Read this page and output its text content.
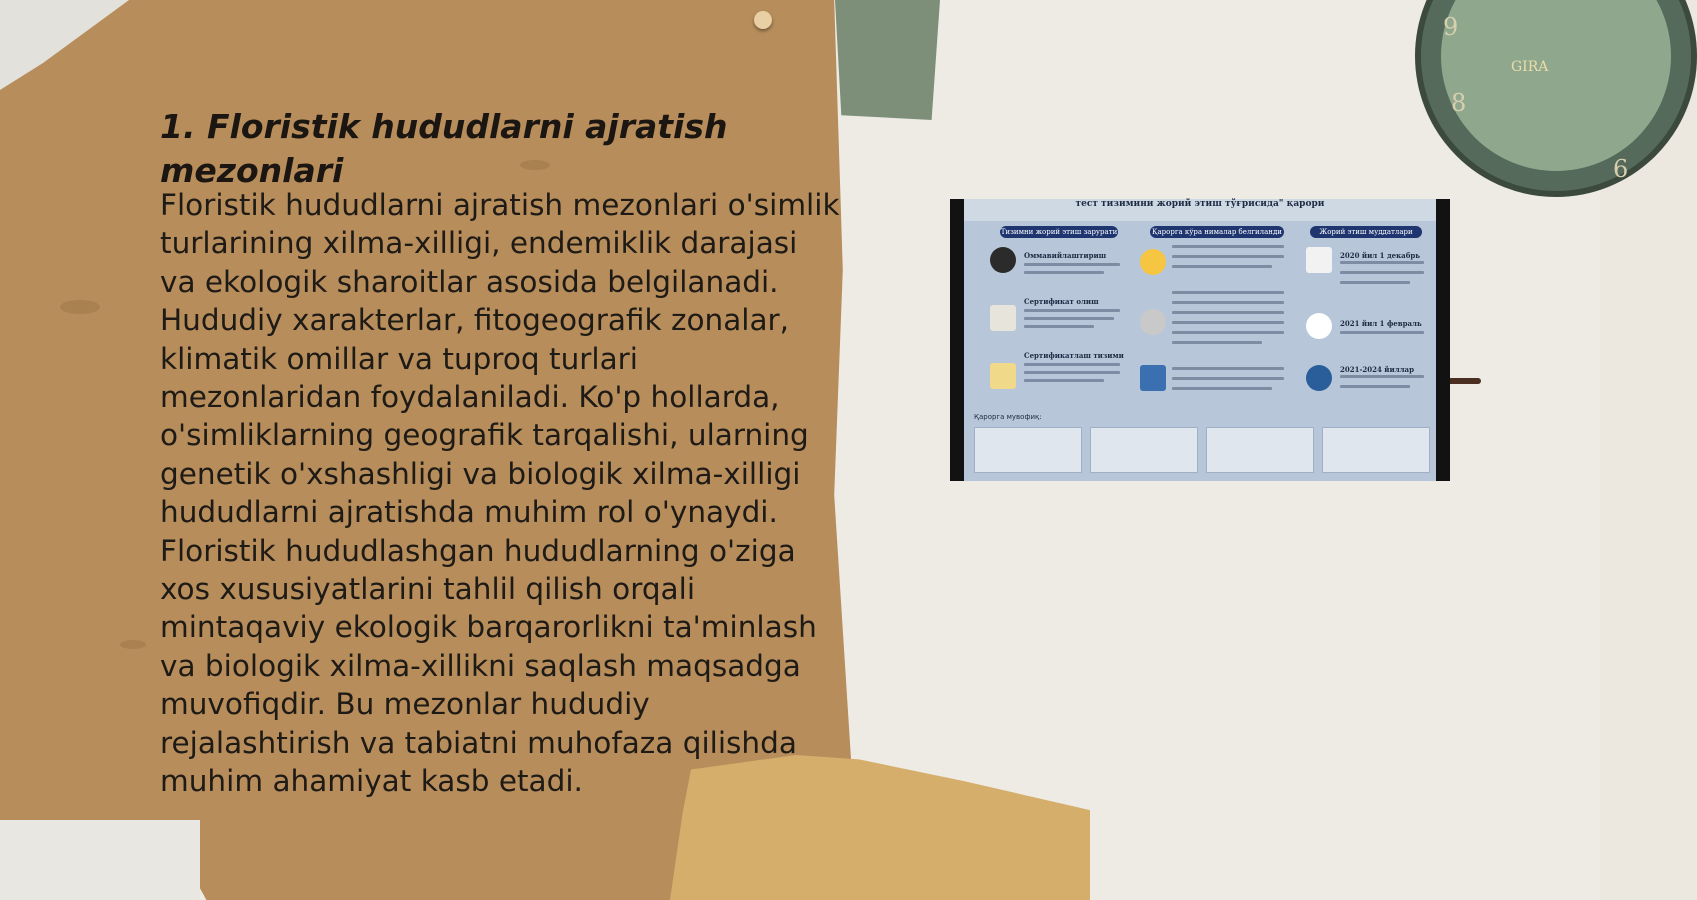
9
8
6
GIRA
1. Floristik hududlarni ajratish mezonlari

Floristik hududlarni ajratish mezonlari o'simlik turlarining xilma-xilligi, endemiklik darajasi va ekologik sharoitlar asosida belgilanadi. Hududiy xarakterlar, fitogeografik zonalar, klimatik omillar va tuproq turlari mezonlaridan foydalaniladi. Ko'p hollarda, o'simliklarning geografik tarqalishi, ularning genetik o'xshashligi va biologik xilma-xilligi hududlarni ajratishda muhim rol o'ynaydi. Floristik hududlashgan hududlarning o'ziga xos xususiyatlarini tahlil qilish orqali mintaqaviy ekologik barqarorlikni ta'minlash va biologik xilma-xillikni saqlash maqsadga muvofiqdir. Bu mezonlar hududiy rejalashtirish va tabiatni muhofaza qilishda muhim ahamiyat kasb etadi.

тест тизимини жорий этиш тўғрисида" қарори
Тизимни жорий этиш зарурати	Қарорга кўра нималар белгиланди	Жорий этиш муддатлари
Оммавийлаштириш
Сертификат олиш
Сертификатлаш тизими
2020 йил 1 декабрь
2021 йил 1 февраль
2021-2024 йиллар
Қарорга мувофиқ:
